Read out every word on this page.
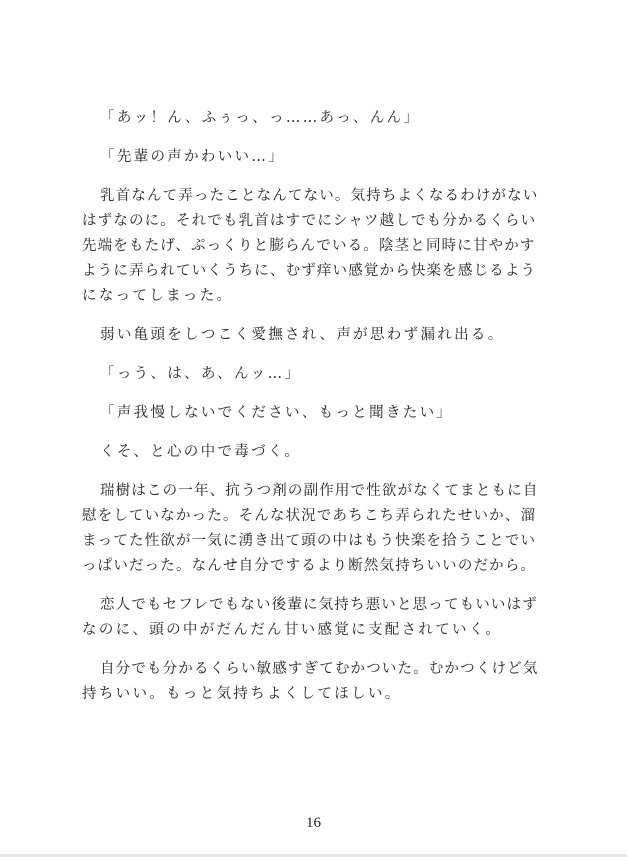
「あッ！ん、ふぅっ、っ……あっ、んん」
「先輩の声かわいい…」
乳首なんて弄ったことなんてない。気持ちよくなるわけがない
はずなのに。それでも乳首はすでにシャツ越しでも分かるくらい
先端をもたげ、ぷっくりと膨らんでいる。陰茎と同時に甘やかす
ように弄られていくうちに、むず痒い感覚から快楽を感じるよう
になってしまった。
弱い亀頭をしつこく愛撫され、声が思わず漏れ出る。
「っう、は、あ、んッ…」
「声我慢しないでください、もっと聞きたい」
くそ、と心の中で毒づく。
瑞樹はこの一年、抗うつ剤の副作用で性欲がなくてまともに自
慰をしていなかった。そんな状況であちこち弄られたせいか、溜
まってた性欲が一気に湧き出て頭の中はもう快楽を拾うことでい
っぱいだった。なんせ自分でするより断然気持ちいいのだから。
恋人でもセフレでもない後輩に気持ち悪いと思ってもいいはず
なのに、頭の中がだんだん甘い感覚に支配されていく。
自分でも分かるくらい敏感すぎてむかついた。むかつくけど気
持ちいい。もっと気持ちよくしてほしい。
16
